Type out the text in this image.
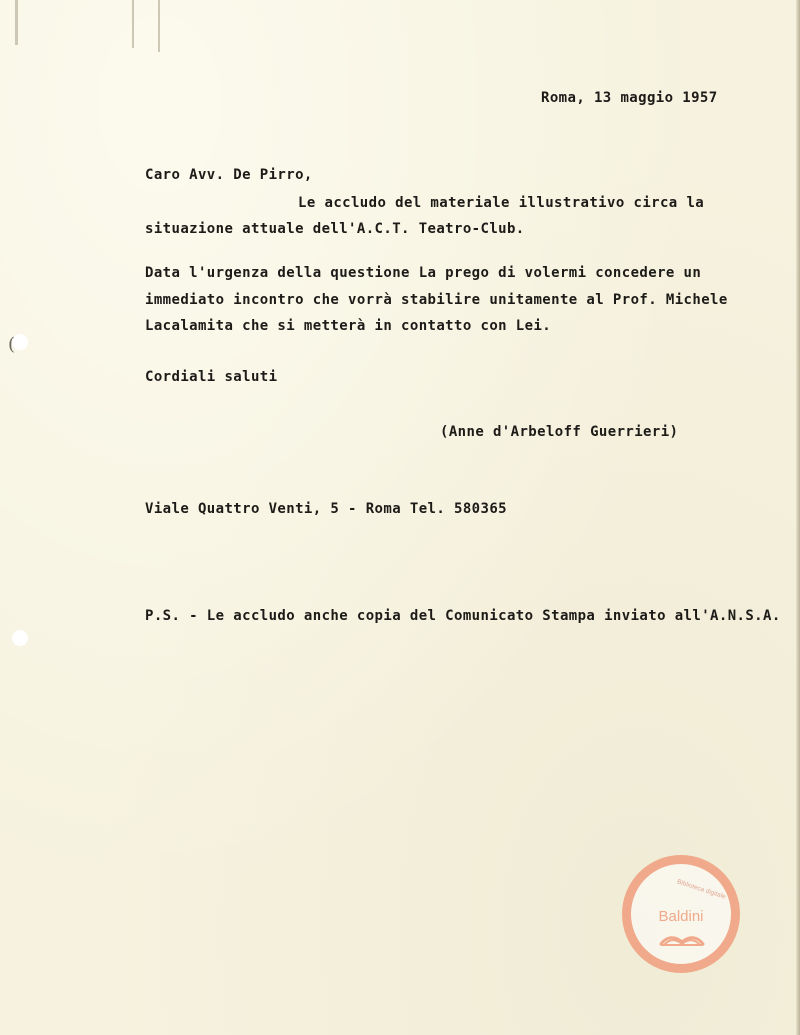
(
Roma, 13 maggio 1957
Caro Avv. De Pirro,
Le accludo del materiale illustrativo circa la
situazione attuale dell'A.C.T. Teatro-Club.
Data l'urgenza della questione La prego di volermi concedere un
immediato incontro che vorrà stabilire unitamente al Prof. Michele
Lacalamita che si metterà in contatto con Lei.
Cordiali saluti
(Anne d'Arbeloff Guerrieri)
Viale Quattro Venti, 5 - Roma Tel. 580365
P.S. - Le accludo anche copia del Comunicato Stampa inviato all'A.N.S.A.
Biblioteca digitale
Baldini
